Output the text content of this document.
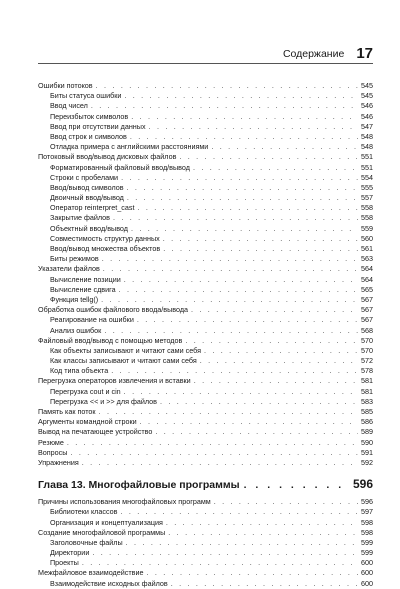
Содержание 17
Ошибки потоков . . .	545
Биты статуса ошибки . . .	545
Ввод чисел . . .	546
Переизбыток символов . . .	546
Ввод при отсутствии данных . . .	547
Ввод строк и символов . . .	548
Отладка примера с английскими расстояниями . . .	548
Потоковый ввод/вывод дисковых файлов . . .	551
Форматированный файловый ввод/вывод . . .	551
Строки с пробелами . . .	554
Ввод/вывод символов . . .	555
Двоичный ввод/вывод . . .	557
Оператор reinterpret_cast . . .	558
Закрытие файлов . . .	558
Объектный ввод/вывод . . .	559
Совместимость структур данных . . .	560
Ввод/вывод множества объектов . . .	561
Биты режимов . . .	563
Указатели файлов . . .	564
Вычисление позиции . . .	564
Вычисление сдвига . . .	565
Функция tellg() . . .	567
Обработка ошибок файлового ввода/вывода . . .	567
Реагирование на ошибки . . .	567
Анализ ошибок . . .	568
Файловый ввод/вывод с помощью методов . . .	570
Как объекты записывают и читают сами себя . . .	570
Как классы записывают и читают сами себя . . .	572
Код типа объекта . . .	578
Перегрузка операторов извлечения и вставки . . .	581
Перегрузка cout и cin . . .	581
Перегрузка << и >> для файлов . . .	583
Память как поток . . .	585
Аргументы командной строки . . .	586
Вывод на печатающее устройство . . .	589
Резюме . . .	590
Вопросы . . .	591
Упражнения . . .	592
Глава 13. Многофайловые программы . . .	596
Причины использования многофайловых программ . . .	596
Библиотеки классов . . .	597
Организация и концептуализация . . .	598
Создание многофайловой программы . . .	598
Заголовочные файлы . . .	599
Директории . . .	599
Проекты . . .	600
Межфайловое взаимодействие . . .	600
Взаимодействие исходных файлов . . .	600
